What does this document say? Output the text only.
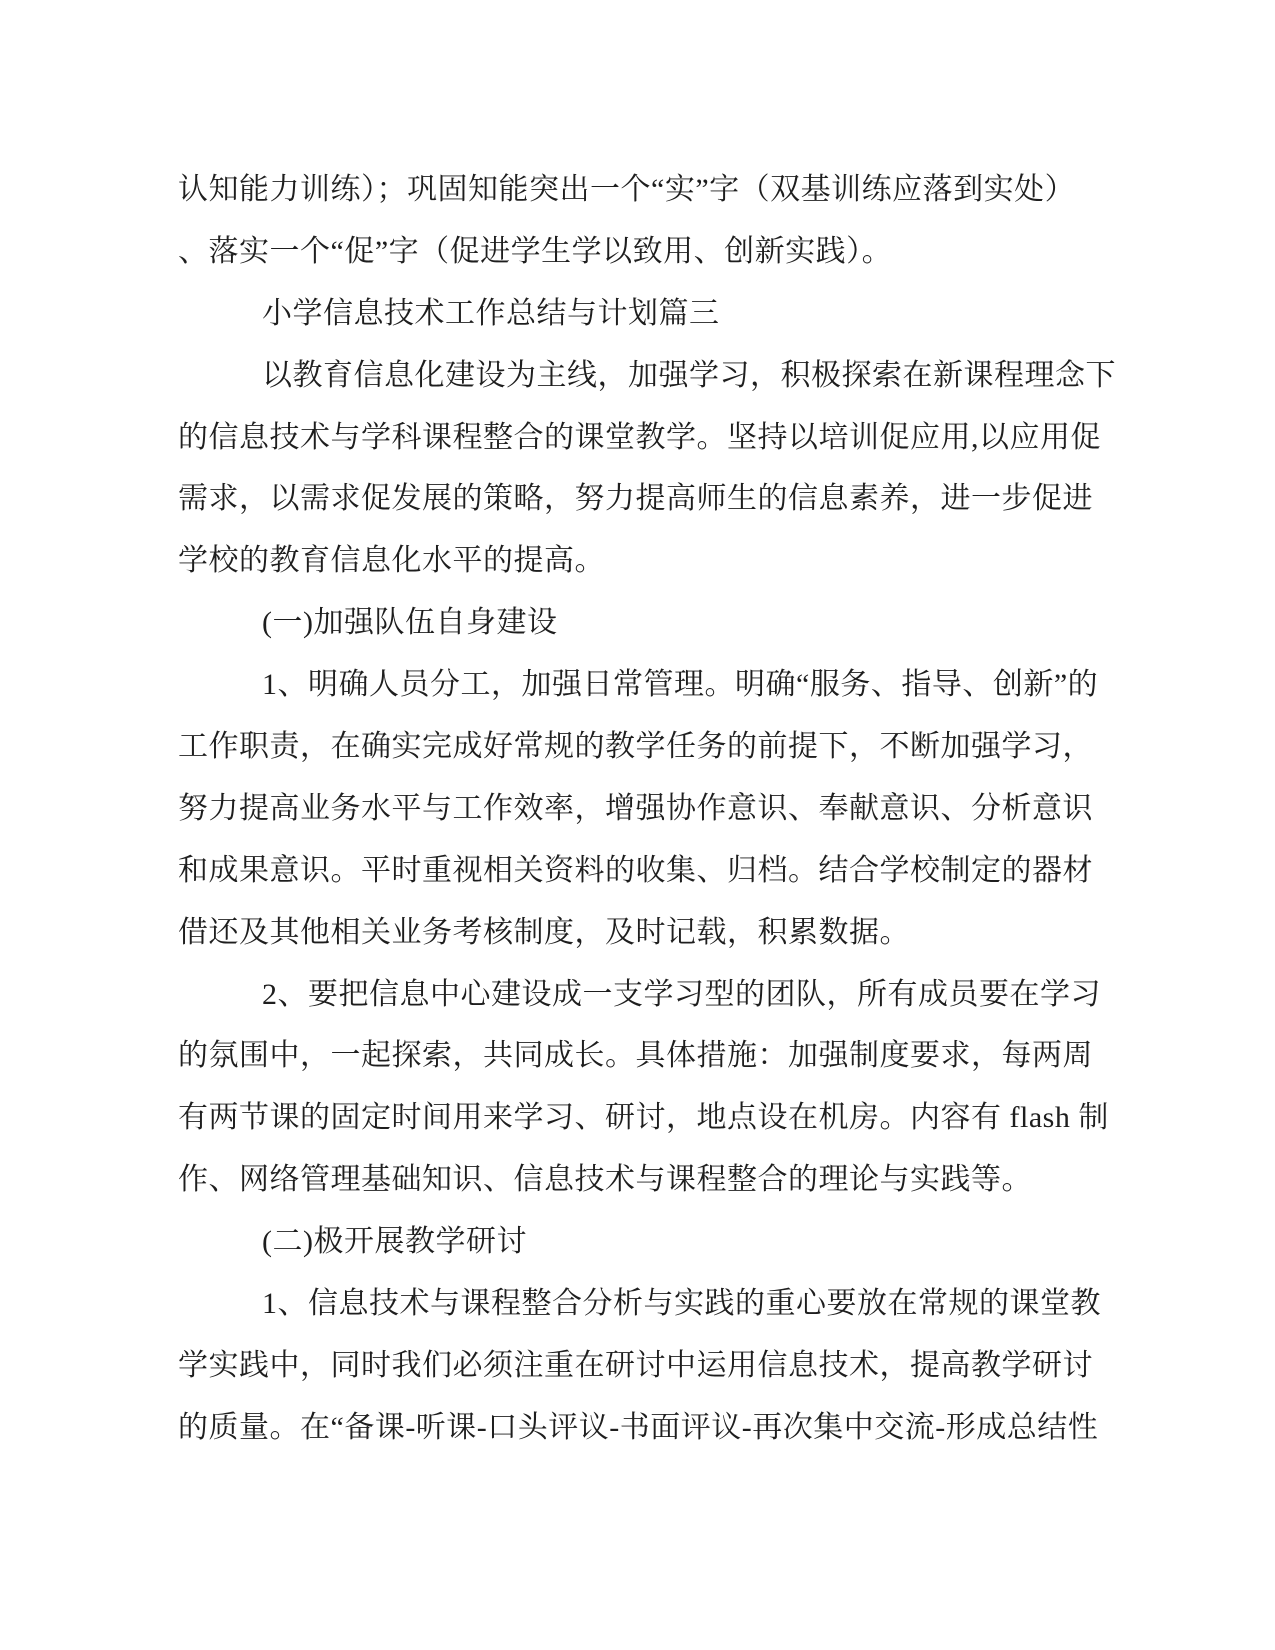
认知能力训练）；巩固知能突出一个“实”字（双基训练应落到实处）
、落实一个“促”字（促进学生学以致用、创新实践）。
小学信息技术工作总结与计划篇三
以教育信息化建设为主线，加强学习，积极探索在新课程理念下
的信息技术与学科课程整合的课堂教学。坚持以培训促应用,以应用促
需求，以需求促发展的策略，努力提高师生的信息素养，进一步促进
学校的教育信息化水平的提高。
(一)加强队伍自身建设
1、明确人员分工，加强日常管理。明确“服务、指导、创新”的
工作职责，在确实完成好常规的教学任务的前提下，不断加强学习，
努力提高业务水平与工作效率，增强协作意识、奉献意识、分析意识
和成果意识。平时重视相关资料的收集、归档。结合学校制定的器材
借还及其他相关业务考核制度，及时记载，积累数据。
2、要把信息中心建设成一支学习型的团队，所有成员要在学习
的氛围中，一起探索，共同成长。具体措施：加强制度要求，每两周
有两节课的固定时间用来学习、研讨，地点设在机房。内容有 flash 制
作、网络管理基础知识、信息技术与课程整合的理论与实践等。
(二)极开展教学研讨
1、信息技术与课程整合分析与实践的重心要放在常规的课堂教
学实践中，同时我们必须注重在研讨中运用信息技术，提高教学研讨
的质量。在“备课-听课-口头评议-书面评议-再次集中交流-形成总结性
